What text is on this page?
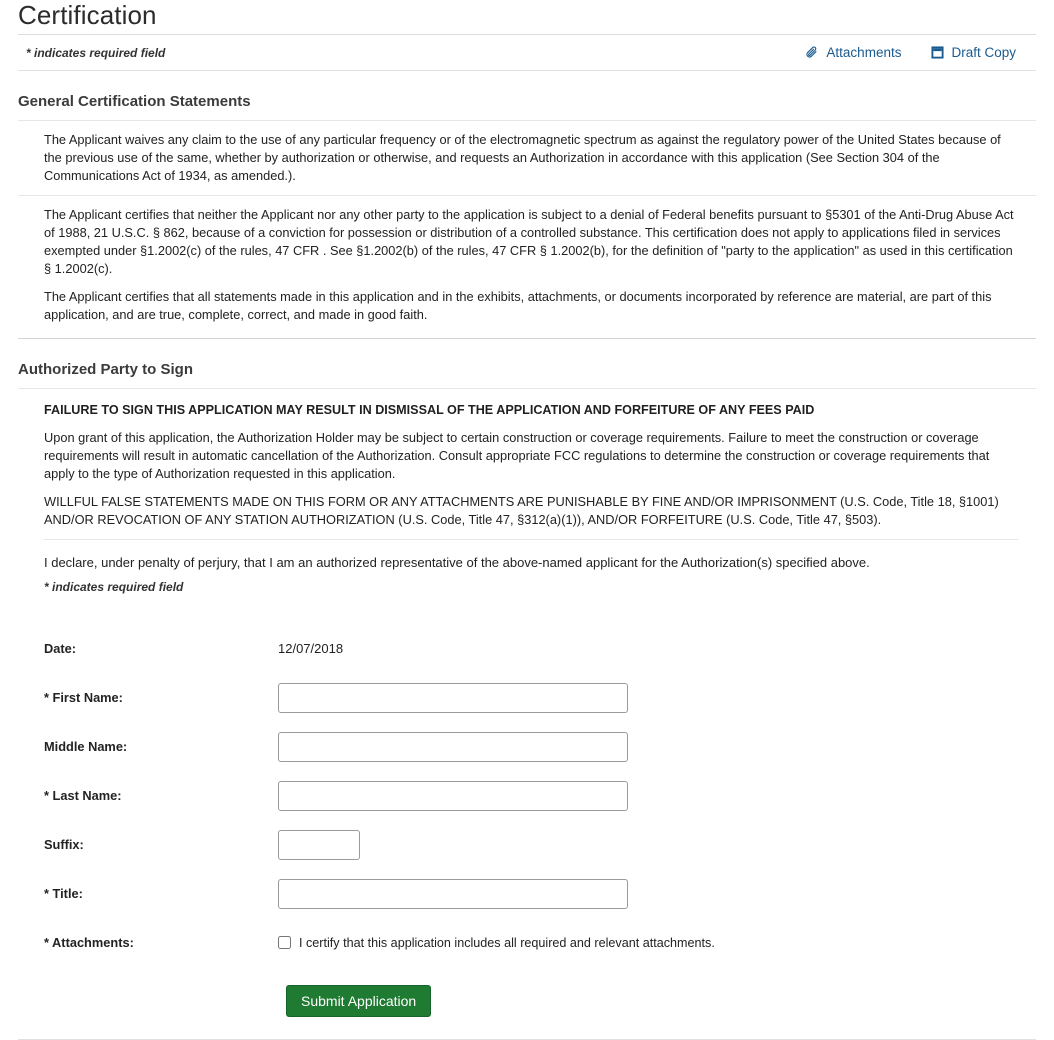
Certification
* indicates required field	Attachments	Draft Copy
General Certification Statements

The Applicant waives any claim to the use of any particular frequency or of the electromagnetic spectrum as against the regulatory power of the United States because of the previous use of the same, whether by authorization or otherwise, and requests an Authorization in accordance with this application (See Section 304 of the Communications Act of 1934, as amended.).

The Applicant certifies that neither the Applicant nor any other party to the application is subject to a denial of Federal benefits pursuant to §5301 of the Anti-Drug Abuse Act of 1988, 21 U.S.C. § 862, because of a conviction for possession or distribution of a controlled substance. This certification does not apply to applications filed in services exempted under §1.2002(c) of the rules, 47 CFR . See §1.2002(b) of the rules, 47 CFR § 1.2002(b), for the definition of "party to the application" as used in this certification § 1.2002(c).

The Applicant certifies that all statements made in this application and in the exhibits, attachments, or documents incorporated by reference are material, are part of this application, and are true, complete, correct, and made in good faith.

Authorized Party to Sign
FAILURE TO SIGN THIS APPLICATION MAY RESULT IN DISMISSAL OF THE APPLICATION AND FORFEITURE OF ANY FEES PAID

Upon grant of this application, the Authorization Holder may be subject to certain construction or coverage requirements. Failure to meet the construction or coverage requirements will result in automatic cancellation of the Authorization. Consult appropriate FCC regulations to determine the construction or coverage requirements that apply to the type of Authorization requested in this application.

WILLFUL FALSE STATEMENTS MADE ON THIS FORM OR ANY ATTACHMENTS ARE PUNISHABLE BY FINE AND/OR IMPRISONMENT (U.S. Code, Title 18, §1001) AND/OR REVOCATION OF ANY STATION AUTHORIZATION (U.S. Code, Title 47, §312(a)(1)), AND/OR FORFEITURE (U.S. Code, Title 47, §503).

I declare, under penalty of perjury, that I am an authorized representative of the above-named applicant for the Authorization(s) specified above.

* indicates required field
Date:	12/07/2018
* First Name:
Middle Name:
* Last Name:
Suffix:
* Title:
* Attachments:	I certify that this application includes all required and relevant attachments.
Submit Application
